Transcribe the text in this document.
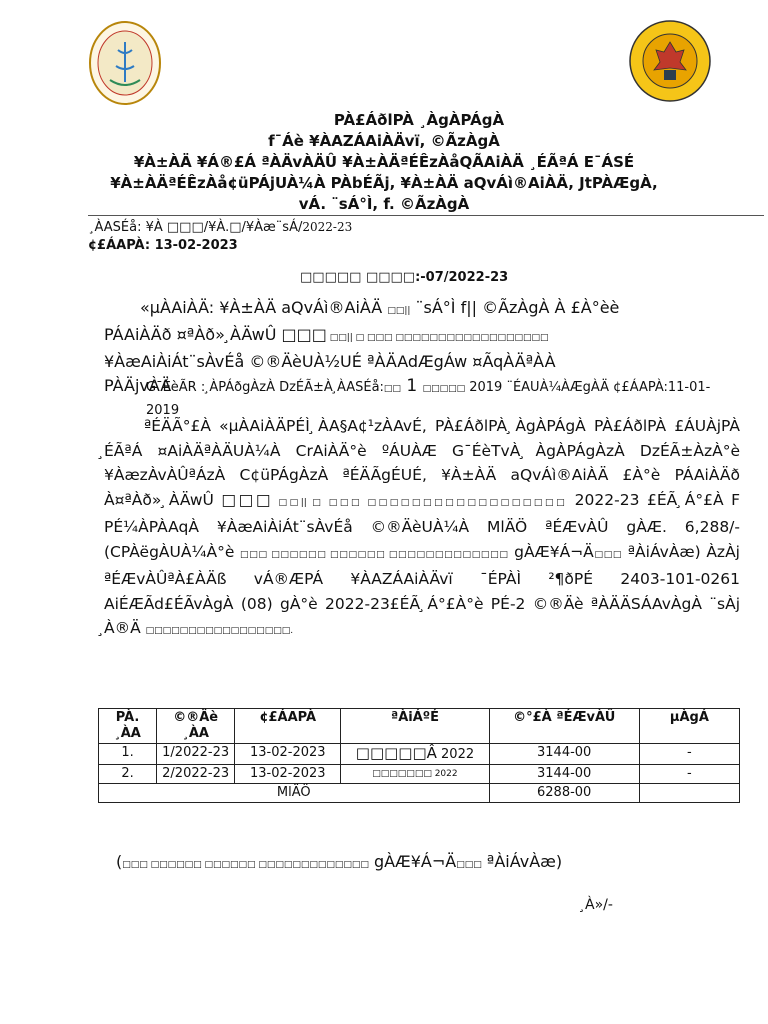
PÀ£ÁðlPÀ ¸ÀgÀPÁgÀ
f¯Áè ¥ÀAZÁAiÀÄvï, ©ÃzÀgÀ
¥À±ÀÄ ¥Á®£Á ªÀÄvÀÄÛ ¥À±ÀÄªÉÊzÀåQÃAiÀÄ ¸ÉÃªÁ E¯ÁSÉ
¥À±ÀÄªÉÊzÀå¢üPÁjUÀ¼À PÀbÉÃj, ¥À±ÀÄ aQvÁì®AiÀÄ, JtPÀÆgÀ,
vÁ. ¨sÁ°Ì, f. ©ÃzÀgÀ
¸ÀASÉå: ¥À □□□/¥À.□/¥Àæ¨sÁ/2022-23
¢£ÁAPÀ: 13-02-2023
□□□□□ □□□□:-07/2022-23
«µÀAiÀÄ: ¥À±ÀÄ aQvÁì®AiÀÄ □□|| ¨sÁ°Ì f|| ©ÃzÀgÀ À £À°èè PÁAiÀÄð ¤ªÀð» ̧ÀÄwÛ □□□ □□|| □ □□□ □□□□□□□□□□□□□□□□□□ ¥ÀæAiÀiÁt¨sÀvÉå ©®ÄèUÀ½UÉ ªÀÄAdÆgÁw ¤ÃqÀÄªÀÀ PÀÄjvÀÄ
G¯ÉèÃR : ̧ÀPÁðgÀzÀ DzÉÃ±À ̧ÀASÉå:□□ 1 □□□□□ 2019 ¨ÉAUÀ¼ÀÆgÀÄ ¢£ÁAPÀ:11-01-2019
ªÉÄÃ°£À «µÀAiÀÄPÉÌ ̧ÀA§A¢¹zÀAvÉ, PÀ£ÁðlPÀ ̧ÀgÀPÁgÀ PÀ£ÁðlPÀ £ÁUÀjPÀ ̧ÉÃªÁ ¤AiÀÄªÀÄUÀ¼À CrAiÀÄ°è ºÁUÀÆ G¯ÉèTvÀ ̧ÀgÀPÁgÀzÀ DzÉÃ±ÀzÀ°è ¥ÀæzÀvÀÛªÁzÀ C¢üPÁgÀzÀ ªÉÄÃgÉUÉ, ¥À±ÀÄ aQvÁì®AiÀÄ £À°è PÁAiÀÄð À¤ªÀð» ̧ÀÄwÛ □□□ □□|| □ □□□ □□□□□□□□□□□□□□□□□□ 2022-23 £ÉÃ ̧Á°£À F PÉ¼ÀPÀAqÀ ¥ÀæAiÀiÁt¨sÀvÉå ©®ÄèUÀ¼À MlÄÖ ªÉÆvÀÛ gÀÆ. 6,288/- (CPÀëgÀUÀ¼À°è □□□ □□□□□□ □□□□□□ □□□□□□□□□□□□□ gÀÆ¥Á¬Ä□□□ ªÀiÁvÀæ) ÀzÀj ªÉÆvÀÛªÀ£ÀÄß vÁ®ÆPÁ ¥ÀAZÁAiÀÄvï ¯ÉPÀÌ ²¶ðPÉ 2403-101-0261 AiÉÆÃd£ÉÃvÀgÀ (08) gÀ°è 2022-23£ÉÃ ̧Á°£À°è PÉ-2 ©®Äè ªÀÄÄSÁAvÀgÀ ¨sÀj ̧À®Ä □□□□□□□□□□□□□□□□□.
PÀ. ¸ÀA	©®Äè ¸ÀA	¢£ÁAPÀ	ªÀiÁºÉ	©°£À ªÉÆvÀÛ	µÀgÁ
1.	1/2022-23	13-02-2023	□□□□□Â 2022	3144-00	-
2.	2/2022-23	13-02-2023	□□□□□□□ 2022	3144-00	-
MlÄÖ				6288-00	
(□□□ □□□□□□ □□□□□□ □□□□□□□□□□□□□ gÀÆ¥Á¬Ä□□□ ªÀiÁvÀæ)
¸À»/-
